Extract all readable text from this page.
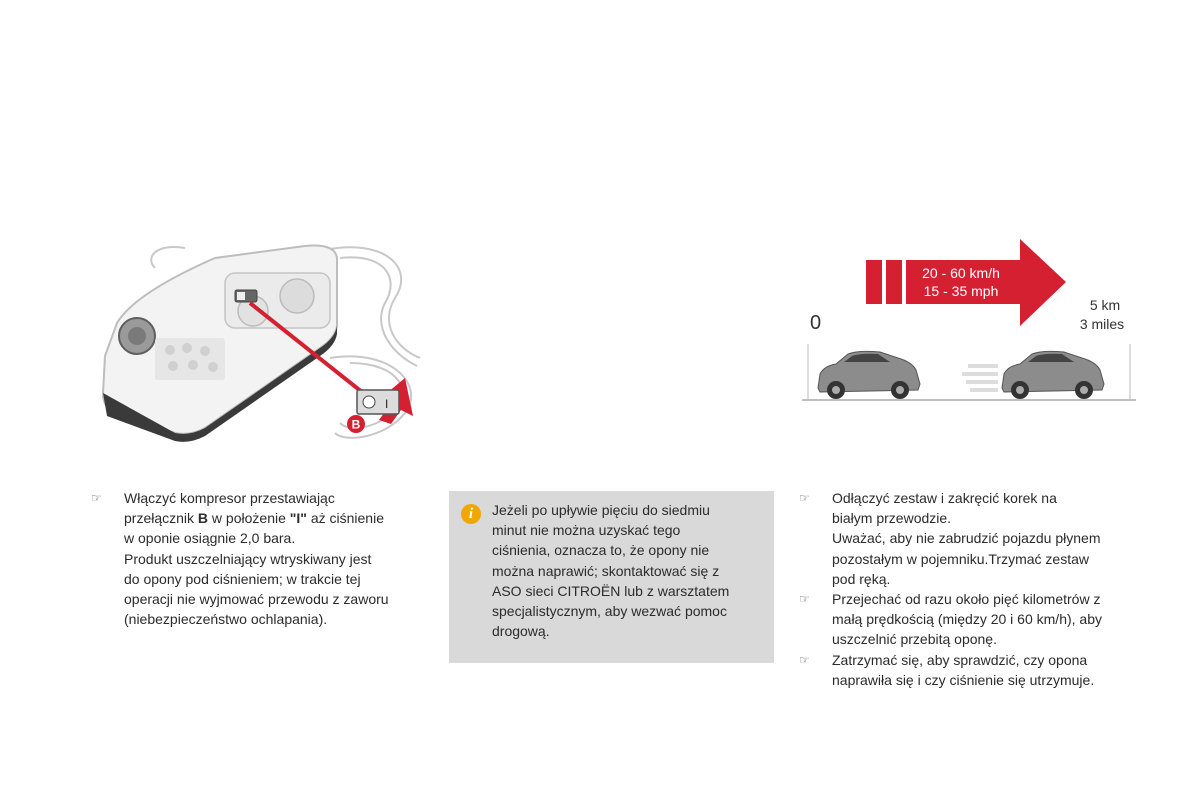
I
B
20 - 60 km/h
15 - 35 mph
0
5 km
3 miles
☞ Włączyć kompresor przestawiając
przełącznik B w położenie "I" aż ciśnienie
w oponie osiągnie 2,0 bara.
Produkt uszczelniający wtryskiwany jest
do opony pod ciśnieniem; w trakcie tej
operacji nie wyjmować przewodu z zaworu
(niebezpieczeństwo ochlapania).
i	Jeżeli po upływie pięciu do siedmiu
minut nie można uzyskać tego
ciśnienia, oznacza to, że opony nie
można naprawić; skontaktować się z
ASO sieci CITROËN lub z warsztatem
specjalistycznym, aby wezwać pomoc
drogową.
☞ Odłączyć zestaw i zakręcić korek na
białym przewodzie.
Uważać, aby nie zabrudzić pojazdu płynem
pozostałym w pojemniku.Trzymać zestaw
pod ręką.
☞ Przejechać od razu około pięć kilometrów z
małą prędkością (między 20 i 60 km/h), aby
uszczelnić przebitą oponę.
☞ Zatrzymać się, aby sprawdzić, czy opona
naprawiła się i czy ciśnienie się utrzymuje.
